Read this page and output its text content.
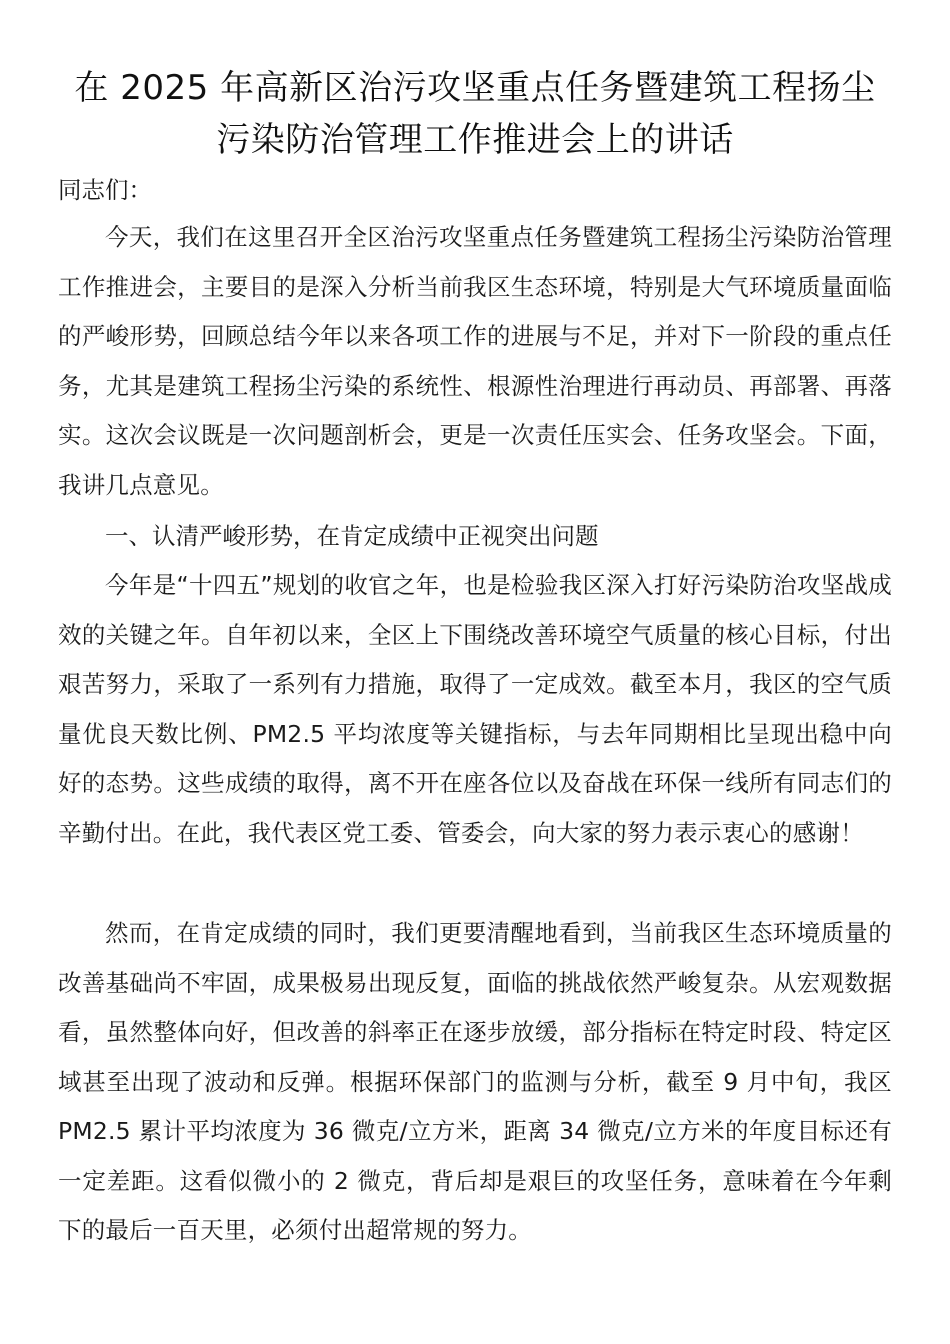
在 2025 年高新区治污攻坚重点任务暨建筑工程扬尘污染防治管理工作推进会上的讲话

同志们：

今天，我们在这里召开全区治污攻坚重点任务暨建筑工程扬尘污染防治管理工作推进会，主要目的是深入分析当前我区生态环境，特别是大气环境质量面临的严峻形势，回顾总结今年以来各项工作的进展与不足，并对下一阶段的重点任务，尤其是建筑工程扬尘污染的系统性、根源性治理进行再动员、再部署、再落实。这次会议既是一次问题剖析会，更是一次责任压实会、任务攻坚会。下面，我讲几点意见。

一、认清严峻形势，在肯定成绩中正视突出问题

今年是“十四五”规划的收官之年，也是检验我区深入打好污染防治攻坚战成效的关键之年。自年初以来，全区上下围绕改善环境空气质量的核心目标，付出艰苦努力，采取了一系列有力措施，取得了一定成效。截至本月，我区的空气质量优良天数比例、PM2.5 平均浓度等关键指标，与去年同期相比呈现出稳中向好的态势。这些成绩的取得，离不开在座各位以及奋战在环保一线所有同志们的辛勤付出。在此，我代表区党工委、管委会，向大家的努力表示衷心的感谢！

然而，在肯定成绩的同时，我们更要清醒地看到，当前我区生态环境质量的改善基础尚不牢固，成果极易出现反复，面临的挑战依然严峻复杂。从宏观数据看，虽然整体向好，但改善的斜率正在逐步放缓，部分指标在特定时段、特定区域甚至出现了波动和反弹。根据环保部门的监测与分析，截至 9 月中旬，我区 PM2.5 累计平均浓度为 36 微克/立方米，距离 34 微克/立方米的年度目标还有一定差距。这看似微小的 2 微克，背后却是艰巨的攻坚任务，意味着在今年剩下的最后一百天里，必须付出超常规的努力。
